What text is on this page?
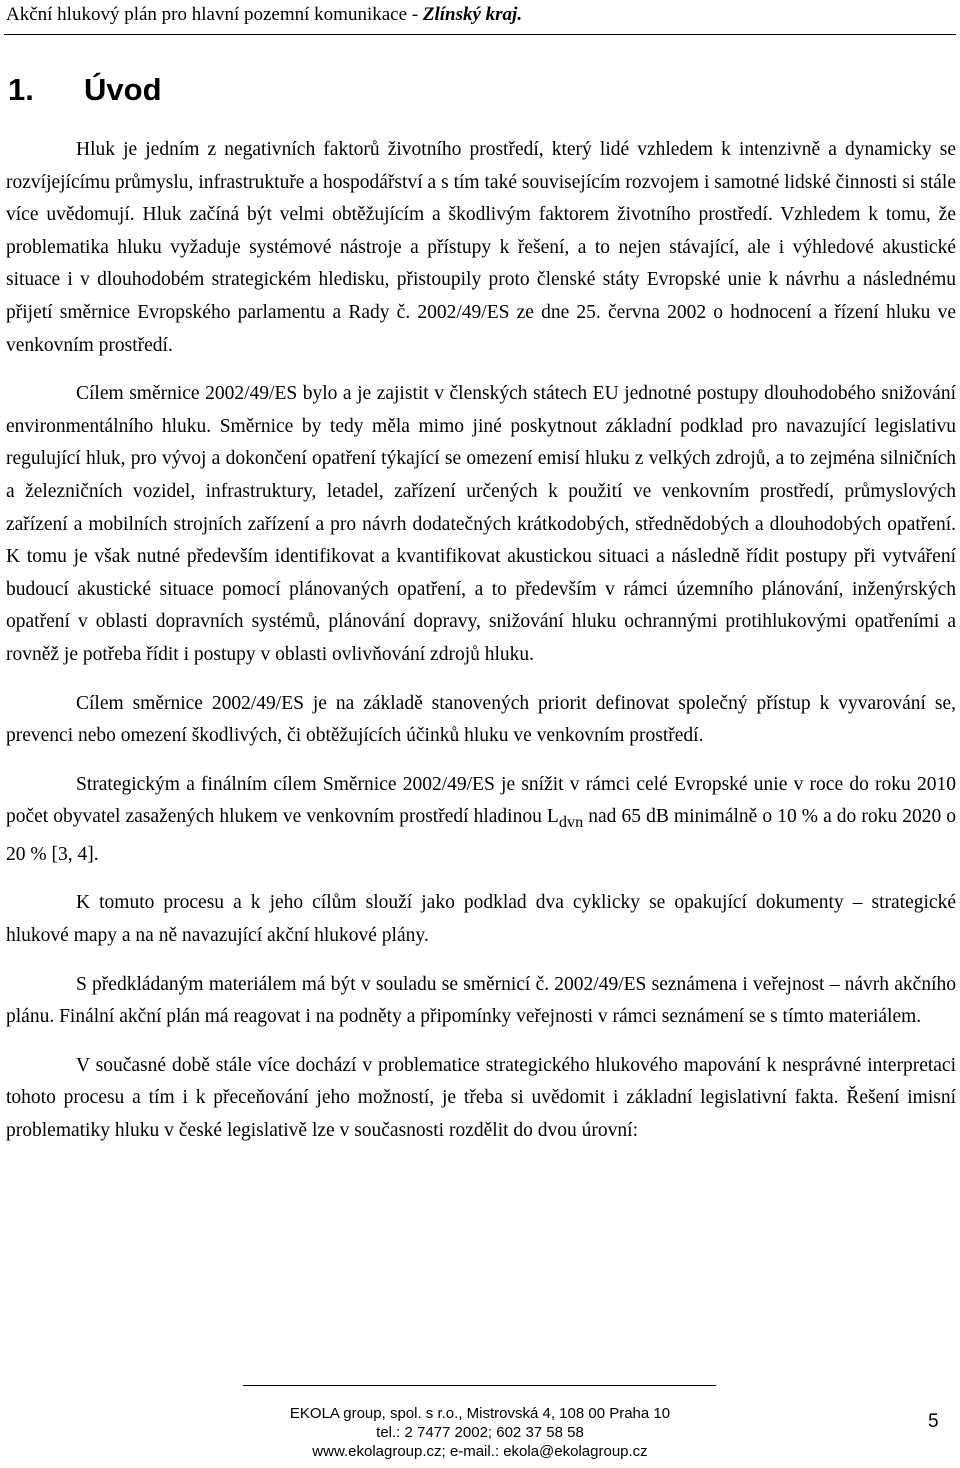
Akční hlukový plán pro hlavní pozemní komunikace - Zlínský kraj.
1. Úvod

Hluk je jedním z negativních faktorů životního prostředí, který lidé vzhledem k intenzivně a dynamicky se rozvíjejícímu průmyslu, infrastruktuře a hospodářství a s tím také souvisejícím rozvojem i samotné lidské činnosti si stále více uvědomují. Hluk začíná být velmi obtěžujícím a škodlivým faktorem životního prostředí. Vzhledem k tomu, že problematika hluku vyžaduje systémové nástroje a přístupy k řešení, a to nejen stávající, ale i výhledové akustické situace i v dlouhodobém strategickém hledisku, přistoupily proto členské státy Evropské unie k návrhu a následnému přijetí směrnice Evropského parlamentu a Rady č. 2002/49/ES ze dne 25. června 2002 o hodnocení a řízení hluku ve venkovním prostředí.

Cílem směrnice 2002/49/ES bylo a je zajistit v členských státech EU jednotné postupy dlouhodobého snižování environmentálního hluku. Směrnice by tedy měla mimo jiné poskytnout základní podklad pro navazující legislativu regulující hluk, pro vývoj a dokončení opatření týkající se omezení emisí hluku z velkých zdrojů, a to zejména silničních a železničních vozidel, infrastruktury, letadel, zařízení určených k použití ve venkovním prostředí, průmyslových zařízení a mobilních strojních zařízení a pro návrh dodatečných krátkodobých, střednědobých a dlouhodobých opatření. K tomu je však nutné především identifikovat a kvantifikovat akustickou situaci a následně řídit postupy při vytváření budoucí akustické situace pomocí plánovaných opatření, a to především v rámci územního plánování, inženýrských opatření v oblasti dopravních systémů, plánování dopravy, snižování hluku ochrannými protihlukovými opatřeními a rovněž je potřeba řídit i postupy v oblasti ovlivňování zdrojů hluku.

Cílem směrnice 2002/49/ES je na základě stanovených priorit definovat společný přístup k vyvarování se, prevenci nebo omezení škodlivých, či obtěžujících účinků hluku ve venkovním prostředí.

Strategickým a finálním cílem Směrnice 2002/49/ES je snížit v rámci celé Evropské unie v roce do roku 2010 počet obyvatel zasažených hlukem ve venkovním prostředí hladinou $L_{dvn}$ nad 65 dB minimálně o 10 % a do roku 2020 o 20 % [3, 4].

K tomuto procesu a k jeho cílům slouží jako podklad dva cyklicky se opakující dokumenty – strategické hlukové mapy a na ně navazující akční hlukové plány.

S předkládaným materiálem má být v souladu se směrnicí č. 2002/49/ES seznámena i veřejnost – návrh akčního plánu. Finální akční plán má reagovat i na podněty a připomínky veřejnosti v rámci seznámení se s tímto materiálem.

V současné době stále více dochází v problematice strategického hlukového mapování k nesprávné interpretaci tohoto procesu a tím i k přeceňování jeho možností, je třeba si uvědomit i základní legislativní fakta. Řešení imisní problematiky hluku v české legislativě lze v současnosti rozdělit do dvou úrovní:

EKOLA group, spol. s r.o., Mistrovská 4, 108 00 Praha 10
tel.: 2 7477 2002; 602 37 58 58
www.ekolagroup.cz; e-mail.: ekola@ekolagroup.cz
5
